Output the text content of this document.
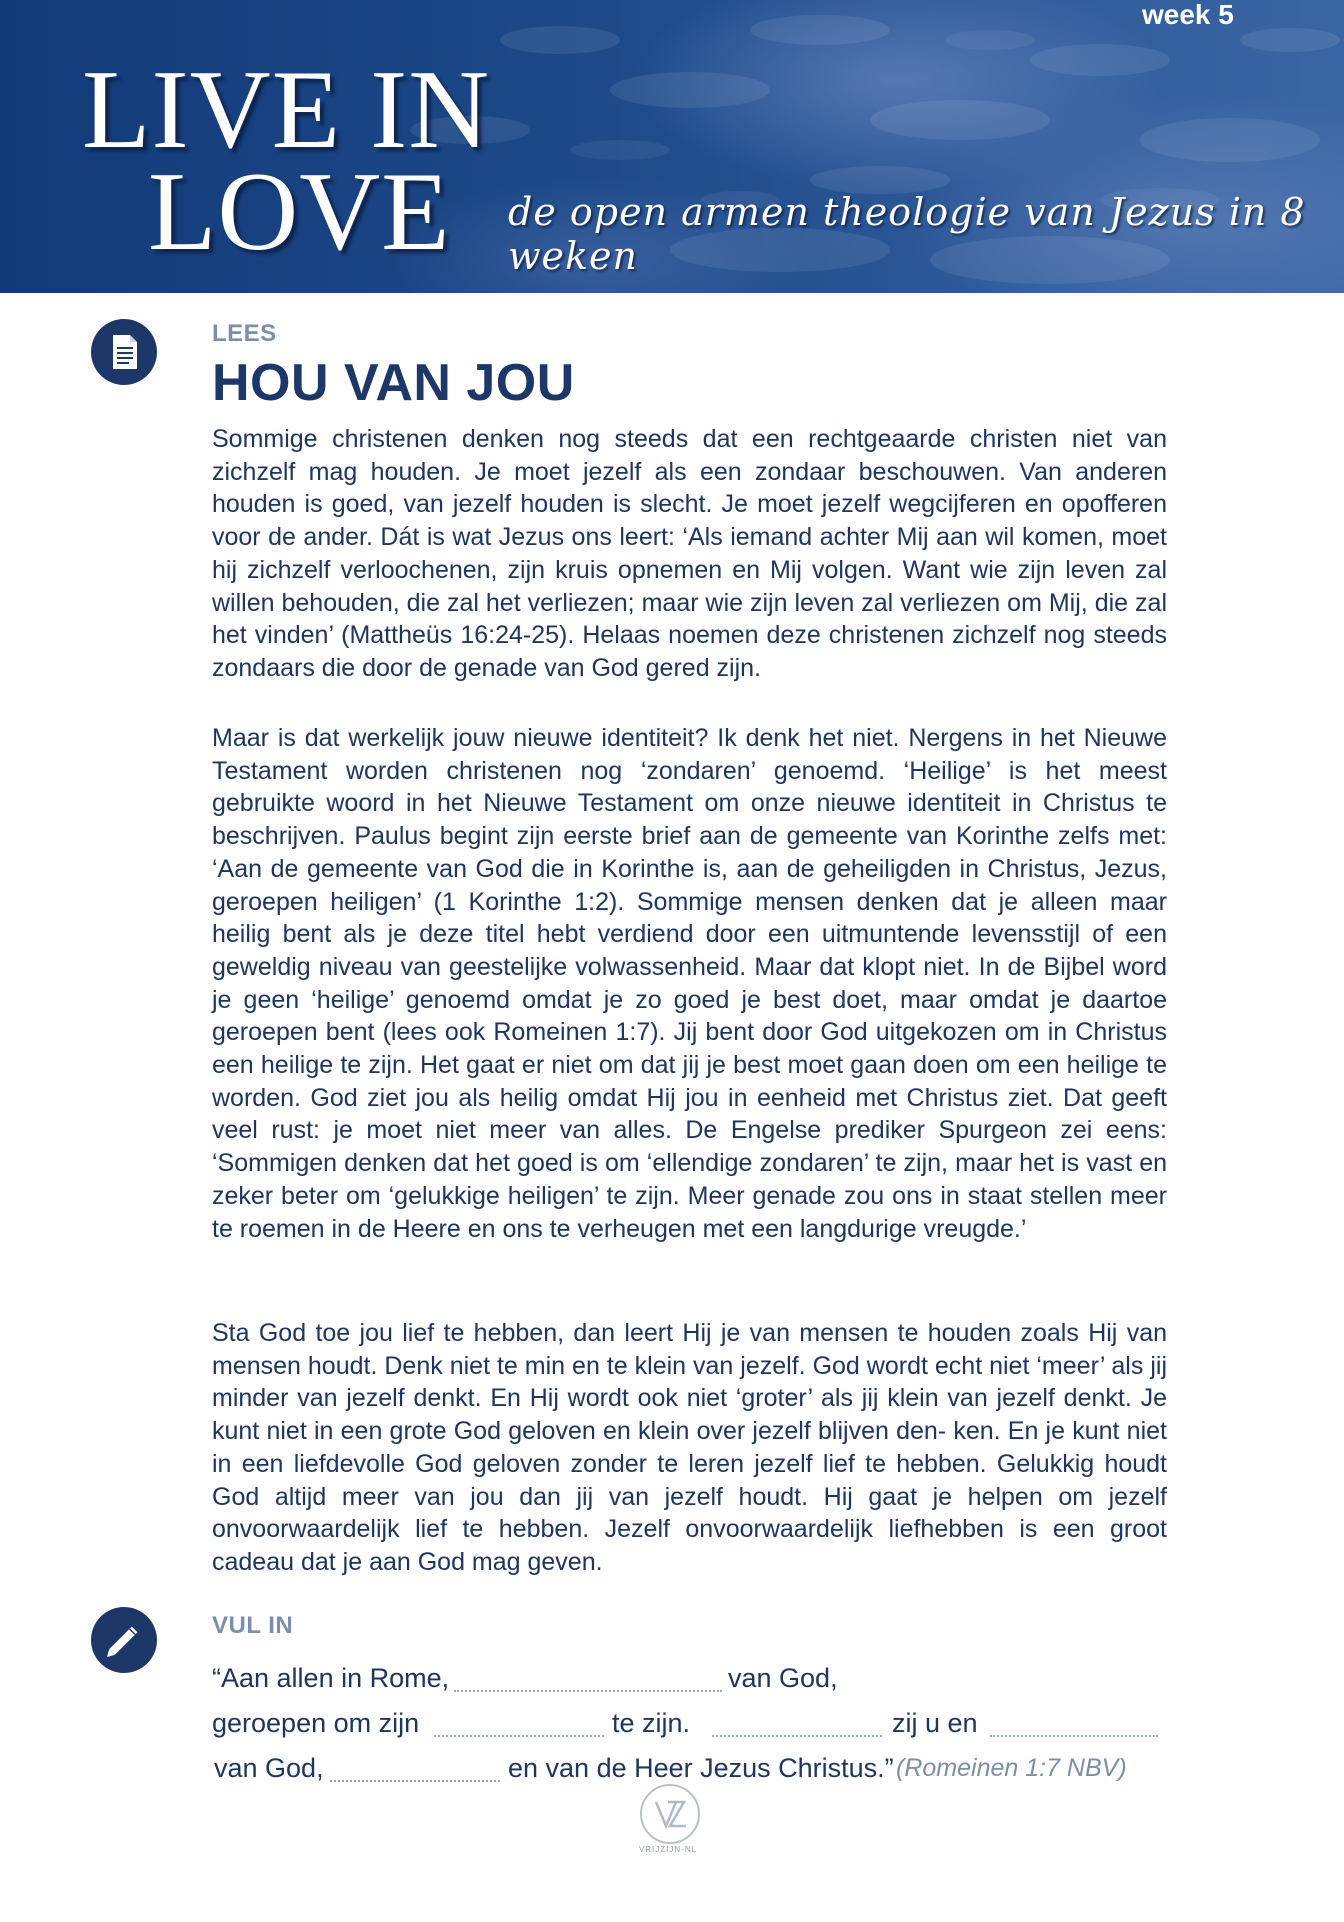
week 5
LIVE IN
LOVE de open armen theologie van Jezus in 8 weken
LEES
HOU VAN JOU

Sommige christenen denken nog steeds dat een rechtgeaarde christen niet van zichzelf mag houden. Je moet jezelf als een zondaar beschouwen. Van anderen houden is goed, van jezelf houden is slecht. Je moet jezelf wegcijferen en opofferen voor de ander. Dát is wat Jezus ons leert: ‘Als iemand achter Mij aan wil komen, moet hij zichzelf verloochenen, zijn kruis opnemen en Mij volgen. Want wie zijn leven zal willen behouden, die zal het verliezen; maar wie zijn leven zal verliezen om Mij, die zal het vinden’ (Mattheüs 16:24-25). Helaas noemen deze christenen zichzelf nog steeds zondaars die door de genade van God gered zijn.

Maar is dat werkelijk jouw nieuwe identiteit? Ik denk het niet. Nergens in het Nieuwe Testament worden christenen nog ‘zondaren’ genoemd. ‘Heilige’ is het meest gebruikte woord in het Nieuwe Testament om onze nieuwe identiteit in Christus te beschrijven. Paulus begint zijn eerste brief aan de gemeente van Korinthe zelfs met: ‘Aan de gemeente van God die in Korinthe is, aan de geheiligden in Christus, Jezus, geroepen heiligen’ (1 Korinthe 1:2). Sommige mensen denken dat je alleen maar heilig bent als je deze titel hebt verdiend door een uitmuntende levensstijl of een geweldig niveau van geestelijke volwassenheid. Maar dat klopt niet. In de Bijbel word je geen ‘heilige’ genoemd omdat je zo goed je best doet, maar omdat je daartoe geroepen bent (lees ook Romeinen 1:7). Jij bent door God uitgekozen om in Christus een heilige te zijn. Het gaat er niet om dat jij je best moet gaan doen om een heilige te worden. God ziet jou als heilig omdat Hij jou in eenheid met Christus ziet. Dat geeft veel rust: je moet niet meer van alles. De Engelse prediker Spurgeon zei eens: ‘Sommigen denken dat het goed is om ‘ellendige zondaren’ te zijn, maar het is vast en zeker beter om ‘gelukkige heiligen’ te zijn. Meer genade zou ons in staat stellen meer te roemen in de Heere en ons te verheugen met een langdurige vreugde.’

Sta God toe jou lief te hebben, dan leert Hij je van mensen te houden zoals Hij van mensen houdt. Denk niet te min en te klein van jezelf. God wordt echt niet ‘meer’ als jij minder van jezelf denkt. En Hij wordt ook niet ‘groter’ als jij klein van jezelf denkt. Je kunt niet in een grote God geloven en klein over jezelf blijven den- ken. En je kunt niet in een liefdevolle God geloven zonder te leren jezelf lief te hebben. Gelukkig houdt God altijd meer van jou dan jij van jezelf houdt. Hij gaat je helpen om jezelf onvoorwaardelijk lief te hebben. Jezelf onvoorwaardelijk liefhebben is een groot cadeau dat je aan God mag geven.

VUL IN
“Aan allen in Rome,	van God,
geroepen om zijn	te zijn.	zij u en
van God,	en van de Heer Jezus Christus.” (Romeinen 1:7 NBV)
VRIJZIJN-NL
